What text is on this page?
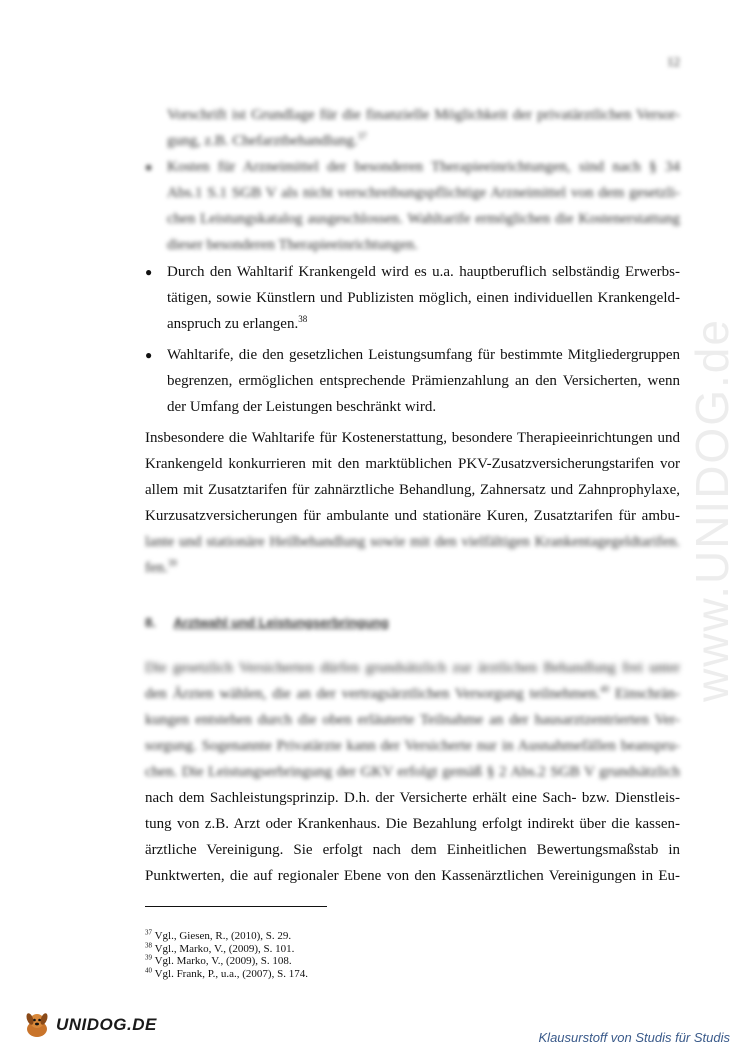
12
Vorschrift ist Grundlage für die finanzielle Möglichkeit der privatärztlichen Versor-
gung, z.B. Chefarztbehandlung.$^{37}$
● Kosten für Arzneimittel der besonderen Therapieeinrichtungen, sind nach § 34
Abs.1 S.1 SGB V als nicht verschreibungspflichtige Arzneimittel von dem gesetzli-
chen Leistungskatalog ausgeschlossen. Wahltarife ermöglichen die Kostenerstattung
dieser besonderen Therapieeinrichtungen.
● Durch den Wahltarif Krankengeld wird es u.a. hauptberuflich selbständig Erwerbs-
tätigen, sowie Künstlern und Publizisten möglich, einen individuellen Krankengeld-
anspruch zu erlangen.$^{38}$
● Wahltarife, die den gesetzlichen Leistungsumfang für bestimmte Mitgliedergruppen
begrenzen, ermöglichen entsprechende Prämienzahlung an den Versicherten, wenn
der Umfang der Leistungen beschränkt wird.
Insbesondere die Wahltarife für Kostenerstattung, besondere Therapieeinrichtungen und
Krankengeld konkurrieren mit den marktüblichen PKV-Zusatzversicherungstarifen vor
allem mit Zusatztarifen für zahnärztliche Behandlung, Zahnersatz und Zahnprophylaxe,
Kurzusatzversicherungen für ambulante und stationäre Kuren, Zusatztarifen für ambu-
lante und stationäre Heilbehandlung sowie mit den vielfältigen Krankentagegeldtarifen.
fen.$^{39}$
8. Arztwahl und Leistungserbringung
Die gesetzlich Versicherten dürfen grundsätzlich zur ärztlichen Behandlung frei unter
den Ärzten wählen, die an der vertragsärztlichen Versorgung teilnehmen.$^{40}$ Einschrän-
kungen entstehen durch die oben erläuterte Teilnahme an der hausarztzentrierten Ver-
sorgung. Sogenannte Privatärzte kann der Versicherte nur in Ausnahmefällen beanspru-
chen. Die Leistungserbringung der GKV erfolgt gemäß § 2 Abs.2 SGB V grundsätzlich
nach dem Sachleistungsprinzip. D.h. der Versicherte erhält eine Sach- bzw. Dienstleis-
tung von z.B. Arzt oder Krankenhaus. Die Bezahlung erfolgt indirekt über die kassen-
ärztliche Vereinigung. Sie erfolgt nach dem Einheitlichen Bewertungsmaßstab in
Punktwerten, die auf regionaler Ebene von den Kassenärztlichen Vereinigungen in Eu-
$^{37}$ Vgl., Giesen, R., (2010), S. 29.
$^{38}$ Vgl., Marko, V., (2009), S. 101.
$^{39}$ Vgl. Marko, V., (2009), S. 108.
$^{40}$ Vgl. Frank, P., u.a., (2007), S. 174.
www.UNIDOG.de
UNIDOG.DE
Klausurstoff von Studis für Studis
